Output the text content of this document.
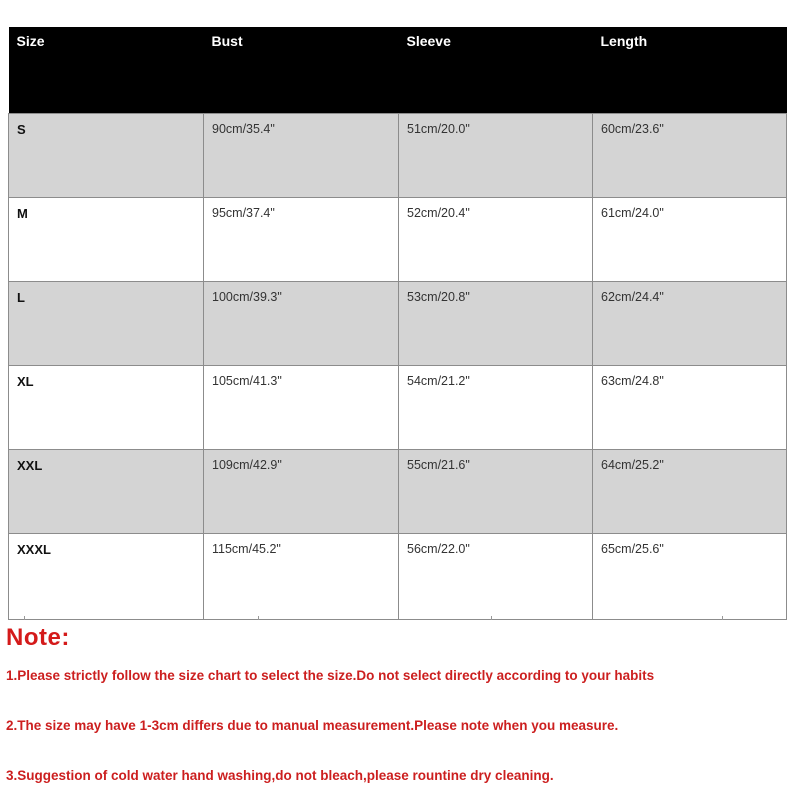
Size	Bust	Sleeve	Length
S	90cm/35.4"	51cm/20.0"	60cm/23.6"
M	95cm/37.4"	52cm/20.4"	61cm/24.0"
L	100cm/39.3"	53cm/20.8"	62cm/24.4"
XL	105cm/41.3"	54cm/21.2"	63cm/24.8"
XXL	109cm/42.9"	55cm/21.6"	64cm/25.2"
XXXL	115cm/45.2"	56cm/22.0"	65cm/25.6"
Note:
1.Please strictly follow the size chart to select the size.Do not select directly according to your habits
2.The size may have 1-3cm differs due to manual measurement.Please note when you measure.
3.Suggestion of cold water hand washing,do not bleach,please rountine dry cleaning.
